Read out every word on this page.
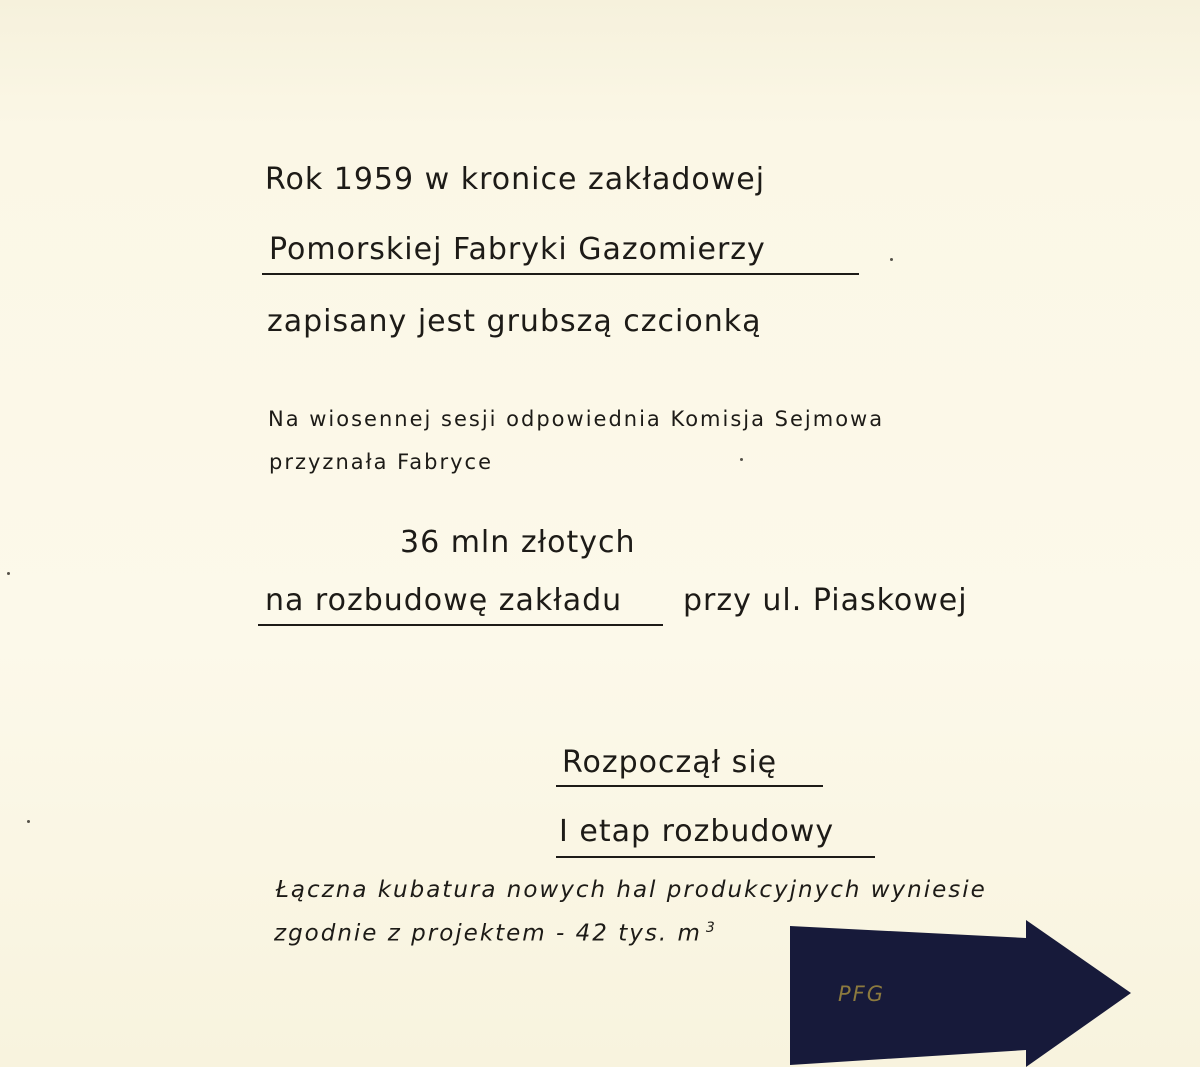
Rok 1959 w kronice zakładowej
Pomorskiej Fabryki Gazomierzy
zapisany jest grubszą czcionką
Na wiosennej sesji odpowiednia Komisja Sejmowa
przyznała Fabryce
36 mln złotych
na rozbudowę zakładu przy ul. Piaskowej
Rozpoczął się
I etap rozbudowy
Łączna kubatura nowych hal produkcyjnych wyniesie
zgodnie z projektem - 42 tys. m $^3$
PFG
